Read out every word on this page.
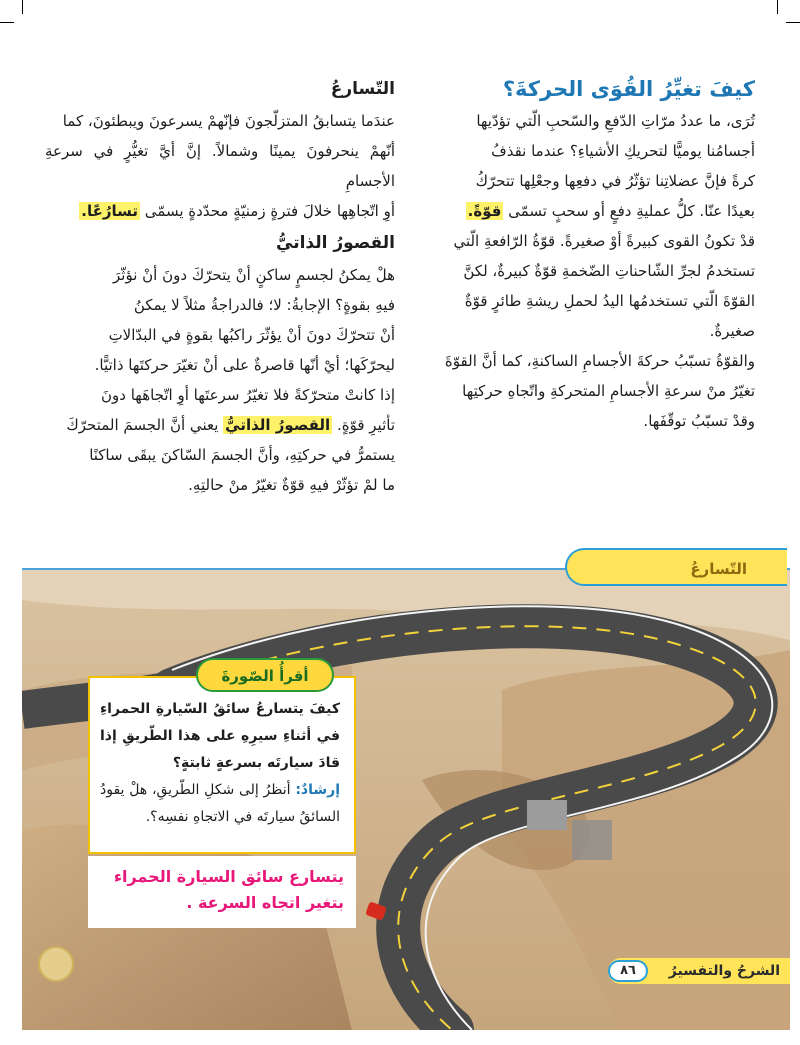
كيفَ تغيِّرُ القُوَى الحركةَ؟

تُرَى، ما عددُ مرّاتِ الدّفعِ والسّحبِ الّتي تؤدّيها

أجسامُنا يوميًّا لتحريكِ الأشياءِ؟ عندما نقذفُ

كرةً فإنَّ عضلاتِنا تؤثّرُ في دفعِها وجعْلِها تتحرّكُ

بعيدًا عنّا. كلُّ عمليةِ دفعٍ أو سحبٍ تسمّى قوّةً.

قدْ تكونُ القوى كبيرةً أوْ صغيرةً. قوّةُ الرّافعةِ الّتي

تستخدمُ لجرِّ الشّاحناتِ الضّخمةِ قوّةٌ كبيرةٌ، لكنَّ

القوّةَ الّتي تستخدمُها اليدُ لحملِ ريشةِ طائرٍ قوّةٌ

صغيرةٌ.

والقوّةُ تسبّبُ حركةَ الأجسامِ الساكنةِ، كما أنَّ القوّةَ

تغيّرُ منْ سرعةِ الأجسامِ المتحركةِ واتّجاهِ حركتِها

وقدْ تسبّبُ توقّفَها.

التّسارعُ

عندَما يتسابقُ المتزلّجونَ فإنّهمْ يسرعونَ ويبطئونَ، كما

أنّهمْ ينحرفونَ يمينًا وشمالاً. إنَّ أيَّ تغيُّرٍ في سرعةِ الأجسامِ

أوِ اتّجاهِها خلالَ فترةٍ زمنيّةٍ محدّدةٍ يسمّى تسارُعًا.

القصورُ الذاتيُّ

هلْ يمكنُ لجسمٍ ساكنٍ أنْ يتحرّكَ دونَ أنْ نؤثّرَ

فيهِ بقوةٍ؟ الإجابةُ: لا؛ فالدراجةُ مثلاً لا يمكنُ

أنْ تتحرّكَ دونَ أنْ يؤثّرَ راكبُها بقوةٍ في البدّالاتِ

ليحرّكَها؛ أيْ أنّها قاصرةٌ على أنْ تغيّرَ حركتَها ذاتيًّا.

إذا كانتْ متحرّكةً فلا تغيّرُ سرعتَها أوِ اتّجاهَها دونَ

تأثيرِ قوّةٍ. القصورُ الذاتيُّ يعني أنَّ الجسمَ المتحرّكَ

يستمرُّ في حركتِهِ، وأنَّ الجسمَ السّاكنَ يبقَى ساكنًا

ما لمْ تؤثّرْ فيهِ قوّةٌ تغيّرُ منْ حالتِهِ.

التّسارعُ
كيفَ يتسارعُ سائقُ السّيارةِ الحمراءِ في أثناءِ سيرِهِ على هذا الطّريقِ إذا قادَ سيارتَه بسرعةٍ ثابتةٍ؟
إرشادٌ: أنظرُ إلى شكلِ الطّريقِ، هلْ يقودُ السائقُ سيارتَه في الاتجاهِ نفسِه؟.
أقرأُ الصّورةَ
يتسارع سائق السيارة الحمراء بتغير اتجاه السرعة .
الشرحُ والتفسيرُ
٨٦
